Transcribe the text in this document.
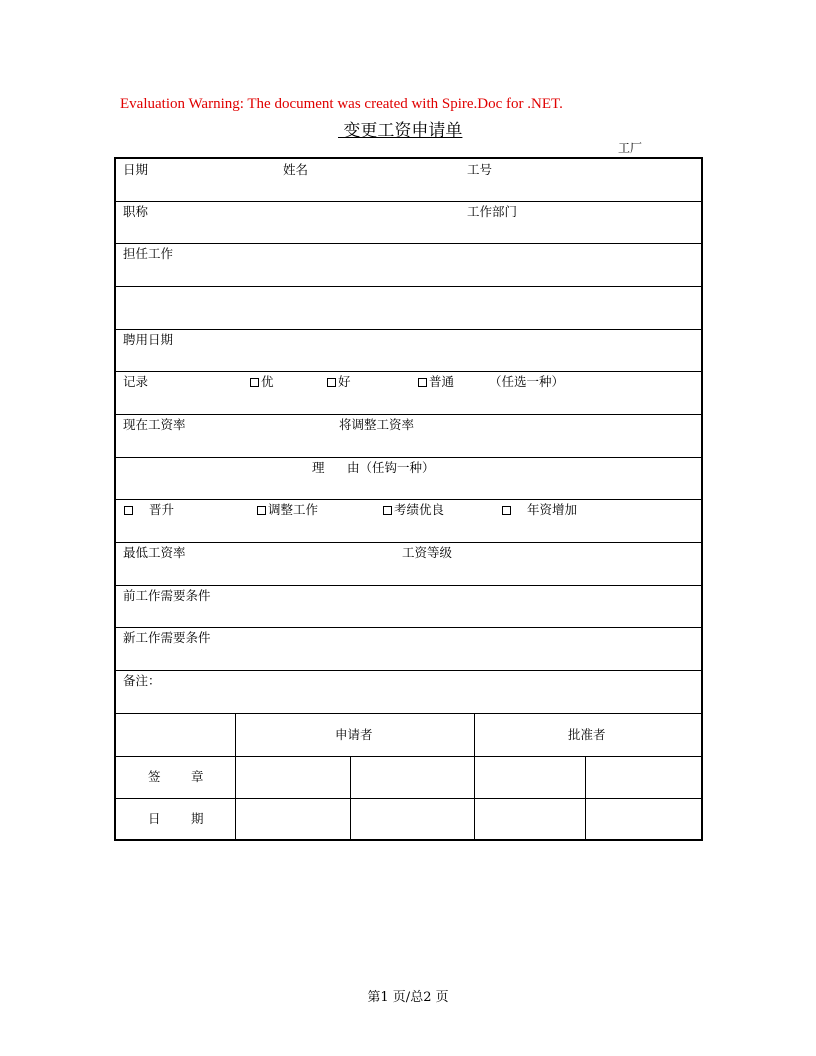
Evaluation Warning: The document was created with Spire.Doc for .NET.
变更工资申请单
工厂
日期	姓名	工号
职称	工作部门
担任工作
聘用日期
记录	优	好	普通	（任选一种）
现在工资率	将调整工资率
理 由（任钩一种）
晋升	调整工作	考绩优良	年资增加
最低工资率	工资等级
前工作需要条件
新工作需要条件
备注：
申请者	批准者
签 章
日 期
第1 页/总2 页
